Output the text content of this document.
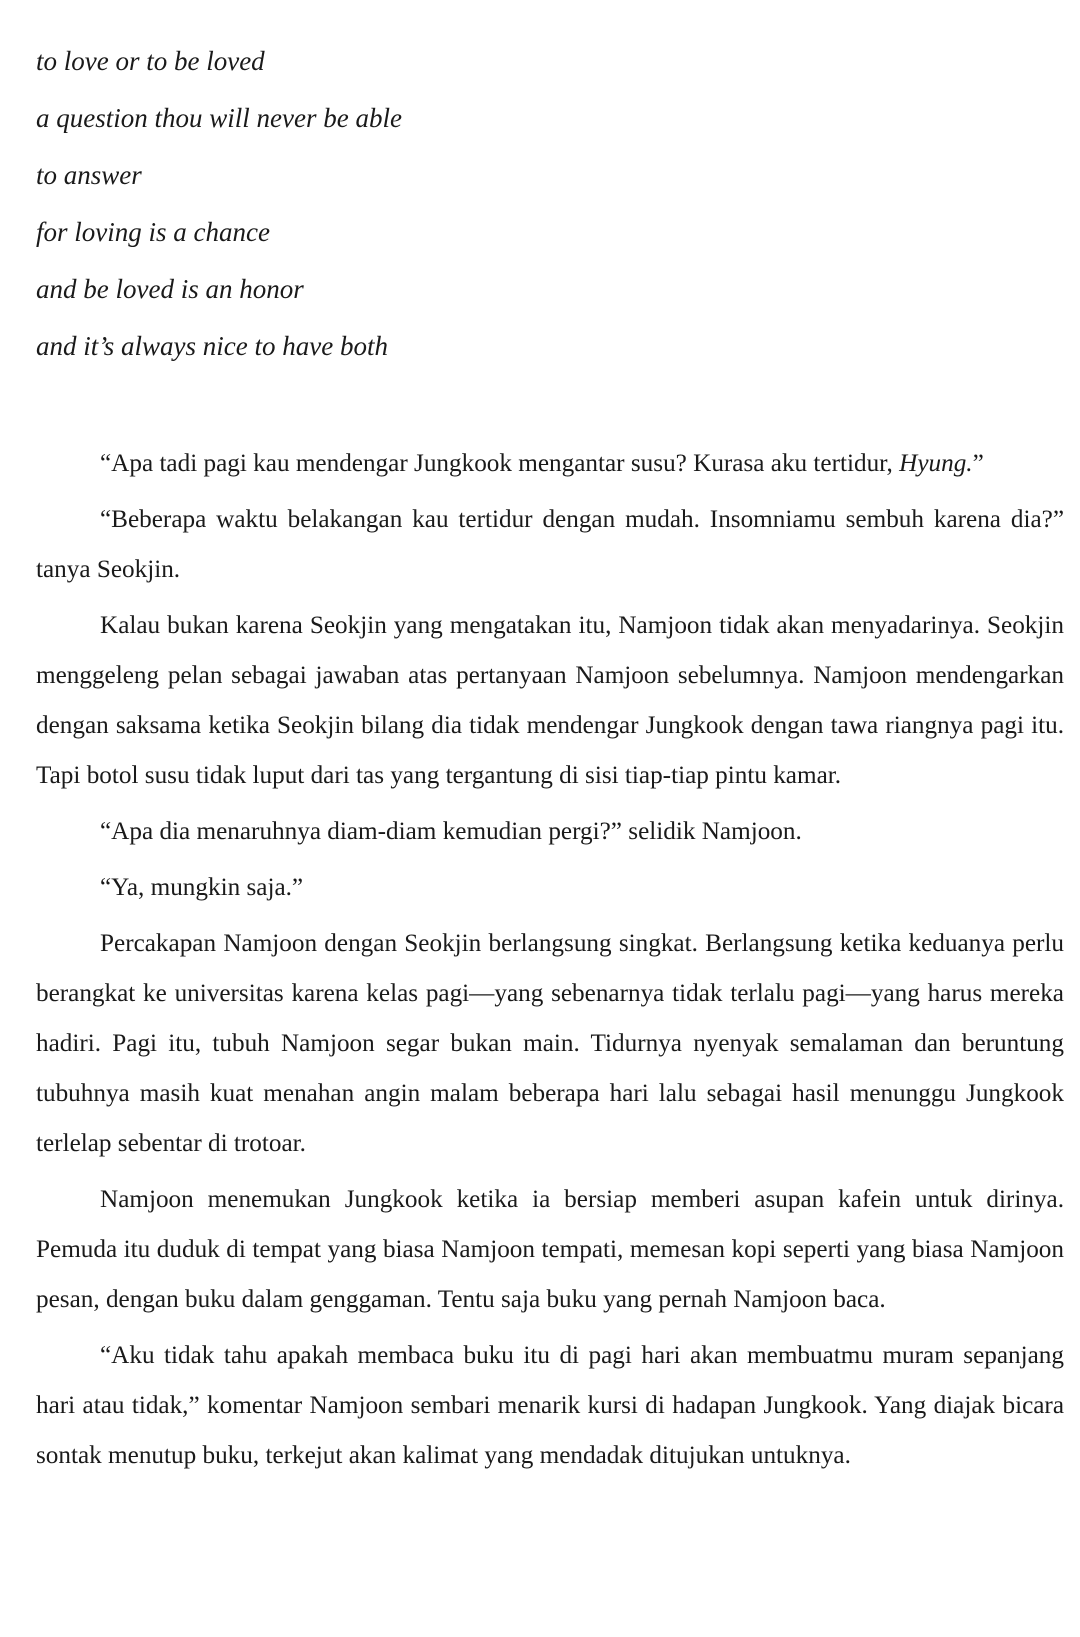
to love or to be loved
a question thou will never be able
to answer
for loving is a chance
and be loved is an honor
and it’s always nice to have both

“Apa tadi pagi kau mendengar Jungkook mengantar susu? Kurasa aku tertidur, Hyung.”

“Beberapa waktu belakangan kau tertidur dengan mudah. Insomniamu sembuh karena dia?” tanya Seokjin.

Kalau bukan karena Seokjin yang mengatakan itu, Namjoon tidak akan menyadarinya. Seokjin menggeleng pelan sebagai jawaban atas pertanyaan Namjoon sebelumnya. Namjoon mendengarkan dengan saksama ketika Seokjin bilang dia tidak mendengar Jungkook dengan tawa riangnya pagi itu. Tapi botol susu tidak luput dari tas yang tergantung di sisi tiap-tiap pintu kamar.

“Apa dia menaruhnya diam-diam kemudian pergi?” selidik Namjoon.

“Ya, mungkin saja.”

Percakapan Namjoon dengan Seokjin berlangsung singkat. Berlangsung ketika keduanya perlu berangkat ke universitas karena kelas pagi—yang sebenarnya tidak terlalu pagi—yang harus mereka hadiri. Pagi itu, tubuh Namjoon segar bukan main. Tidurnya nyenyak semalaman dan beruntung tubuhnya masih kuat menahan angin malam beberapa hari lalu sebagai hasil menunggu Jungkook terlelap sebentar di trotoar.

Namjoon menemukan Jungkook ketika ia bersiap memberi asupan kafein untuk dirinya. Pemuda itu duduk di tempat yang biasa Namjoon tempati, memesan kopi seperti yang biasa Namjoon pesan, dengan buku dalam genggaman. Tentu saja buku yang pernah Namjoon baca.

“Aku tidak tahu apakah membaca buku itu di pagi hari akan membuatmu muram sepanjang hari atau tidak,” komentar Namjoon sembari menarik kursi di hadapan Jungkook. Yang diajak bicara sontak menutup buku, terkejut akan kalimat yang mendadak ditujukan untuknya.
